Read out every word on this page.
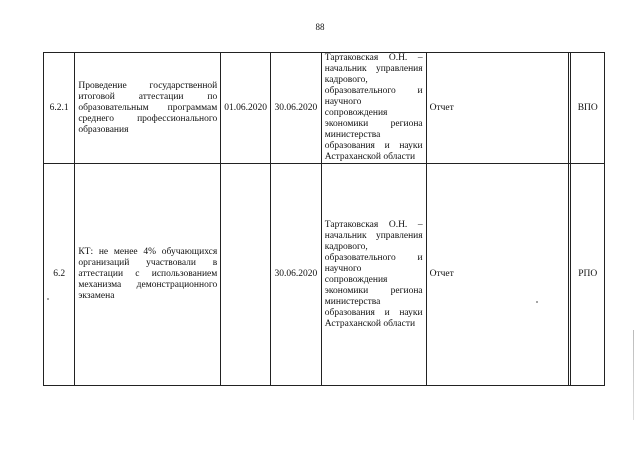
88
6.2.1	Проведение государственной итоговой аттестации по образовательным программам среднего профессионального образования	01.06.2020	30.06.2020	Тартаковская О.Н. – начальник управления кадрового, образовательного и научного сопровождения экономики региона министерства образования и науки Астраханской области	Отчет		ВПО
6.2	КТ: не менее 4% обучающихся организаций участвовали в аттестации с использованием механизма демонстрационного экзамена		30.06.2020	Тартаковская О.Н. – начальник управления кадрового, образовательного и научного сопровождения экономики региона министерства образования и науки Астраханской области	Отчет		РПО
